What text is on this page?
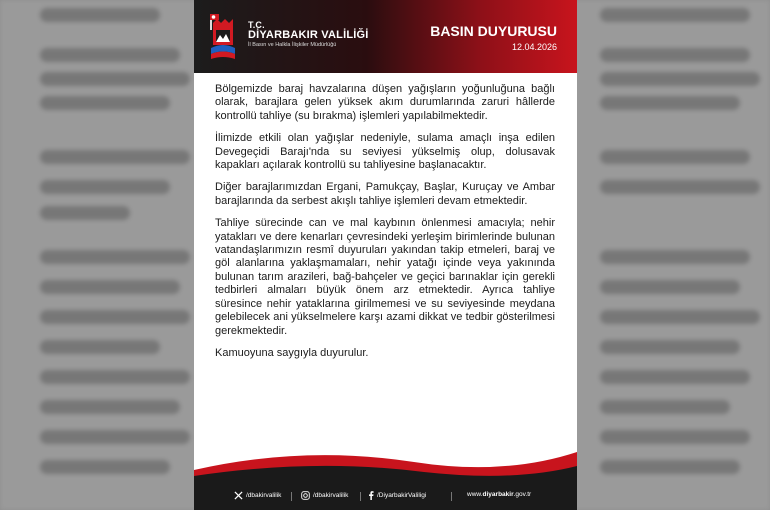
T.C.
DİYARBAKIR VALİLİĞİ
İl Basın ve Halkla İlişkiler Müdürlüğü
BASIN DUYURUSU
12.04.2026

Bölgemizde baraj havzalarına düşen yağışların yoğunluğuna bağlı olarak, barajlara gelen yüksek akım durumlarında zaruri hâllerde kontrollü tahliye (su bırakma) işlemleri yapılabilmektedir.

İlimizde etkili olan yağışlar nedeniyle, sulama amaçlı inşa edilen Devegeçidi Barajı'nda su seviyesi yükselmiş olup, dolusavak kapakları açılarak kontrollü su tahliyesine başlanacaktır.

Diğer barajlarımızdan Ergani, Pamukçay, Başlar, Kuruçay ve Ambar barajlarında da serbest akışlı tahliye işlemleri devam etmektedir.

Tahliye sürecinde can ve mal kaybının önlenmesi amacıyla; nehir yatakları ve dere kenarları çevresindeki yerleşim birimlerinde bulunan vatandaşlarımızın resmî duyuruları yakından takip etmeleri, baraj ve göl alanlarına yaklaşmamaları, nehir yatağı içinde veya yakınında bulunan tarım arazileri, bağ-bahçeler ve geçici barınaklar için gerekli tedbirleri almaları büyük önem arz etmektedir. Ayrıca tahliye süresince nehir yataklarına girilmemesi ve su seviyesinde meydana gelebilecek ani yükselmelere karşı azami dikkat ve tedbir gösterilmesi gerekmektedir.

Kamuoyuna saygıyla duyurulur.

/dbakirvalilik	/dbakirvalilik	/DiyarbakirValiligi	www. diyarbakir .gov.tr
